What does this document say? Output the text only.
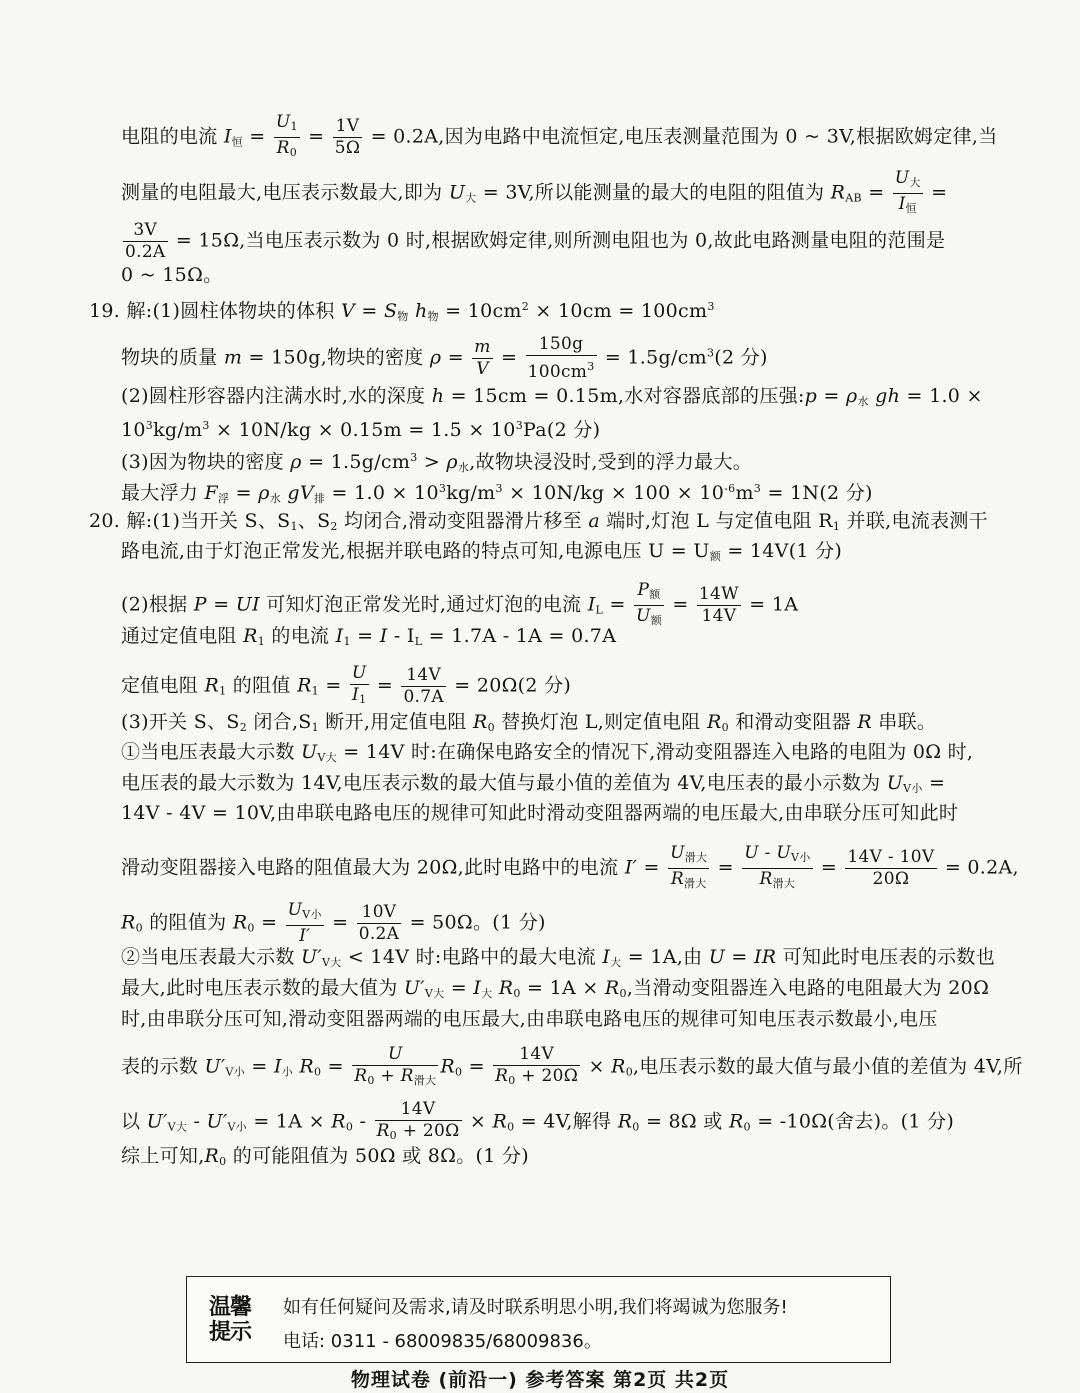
电阻的电流 $I_恒 = \frac{U_1}{R_0} = \frac{1V}{5\Omega} = 0.2A$,因为电路中电流恒定,电压表测量范围为 0 ~ 3V,根据欧姆定律,当
测量的电阻最大,电压表示数最大,即为 $U_大 = 3V$,所以能测量的最大的电阻的阻值为 $R_{AB} = \frac{U_大}{I_恒}$ =
$\frac{3V}{0.2A} = 15\Omega$,当电压表示数为 0 时,根据欧姆定律,则所测电阻也为 0,故此电路测量电阻的范围是
0 ~ 15Ω。
19. 解:(1)圆柱体物块的体积 $V = S_物$ $h_物 = 10cm^2 \times 10cm = 100cm^3$
物块的质量 m = 150g,物块的密度 $\rho = \frac{m}{V} = \frac{150g}{100cm^3} = 1.5g/cm^3(2$ 分)
(2)圆柱形容器内注满水时,水的深度 h = 15cm = 0.15m,水对容器底部的压强:p = $\rho_水$ gh = 1.0 ×
$10^3kg/m^3 \times 10N/kg \times 0.15m = 1.5 \times 10^3Pa(2$ 分)
(3)因为物块的密度 $\rho = 1.5g/cm^3 > \rho_水$,故物块浸没时,受到的浮力最大。
最大浮力 $F_浮 = \rho_水$ $gV_排 = 1.0 \times 10^3kg/m^3 \times 10N/kg \times 100 \times 10^{-6}m^3 = 1N(2$ 分)
20. 解:(1)当开关 S、$S_1$、$S_2$ 均闭合,滑动变阻器滑片移至 a 端时,灯泡 L 与定值电阻 $R_1$ 并联,电流表测干
路电流,由于灯泡正常发光,根据并联电路的特点可知,电源电压 $U = U_额 = 14V(1$ 分)
(2)根据 P = UI 可知灯泡正常发光时,通过灯泡的电流 $I_L = \frac{P_额}{U_额} = \frac{14W}{14V} = 1A$
通过定值电阻 $R_1$ 的电流 $I_1 = I - I_L = 1.7A - 1A = 0.7A$
定值电阻 $R_1$ 的阻值 $R_1 = \frac{U}{I_1} = \frac{14V}{0.7A} = 20\Omega(2$ 分)
(3)开关 S、$S_2$ 闭合$,S_1$ 断开,用定值电阻 $R_0$ 替换灯泡 L,则定值电阻 $R_0$ 和滑动变阻器 R 串联。
①当电压表最大示数 $U_{V大} = 14V$ 时:在确保电路安全的情况下,滑动变阻器连入电路的电阻为 0Ω 时,
电压表的最大示数为 14V,电压表示数的最大值与最小值的差值为 4V,电压表的最小示数为 $U_{V小}$ =
14V - 4V = 10V,由串联电路电压的规律可知此时滑动变阻器两端的电压最大,由串联分压可知此时
滑动变阻器接入电路的阻值最大为 20Ω,此时电路中的电流 $I' = \frac{U_{滑大}}{R_{滑大}} = \frac{U - U_{V小}}{R_{滑大}} = \frac{14V - 10V}{20\Omega} = 0.2A$,
$R_0$ 的阻值为 $R_0 = \frac{U_{V小}}{I'} = \frac{10V}{0.2A} = 50\Omega$。(1 分)
②当电压表最大示数 $U'_{V大} < 14V$ 时:电路中的最大电流 $I_大 = 1A$,由 U = IR 可知此时电压表的示数也
最大,此时电压表示数的最大值为 $U'_{V大} = I_大$ $R_0 = 1A \times R_0$,当滑动变阻器连入电路的电阻最大为 20Ω
时,由串联分压可知,滑动变阻器两端的电压最大,由串联电路电压的规律可知电压表示数最小,电压
表的示数 $U'_{V小} = I_小$ $R_0 = \frac{U}{R_0 + R_{滑大}} R_0 = \frac{14V}{R_0 + 20\Omega} \times R_0$,电压表示数的最大值与最小值的差值为 4V,所
以 $U'_{V大} - U'_{V小} = 1A \times R_0 - \frac{14V}{R_0 + 20\Omega} \times R_0 = 4V$,解得 $R_0 = 8\Omega$ 或 $R_0 = -10\Omega$(舍去)。(1 分)
综上可知$,R_0$ 的可能阻值为 50Ω 或 8Ω。(1 分)
温馨提示
如有任何疑问及需求,请及时联系明思小明,我们将竭诚为您服务!
电话: 0311 - 68009835/68009836。
物理试卷 (前沿一) 参考答案 第2页 共2页
